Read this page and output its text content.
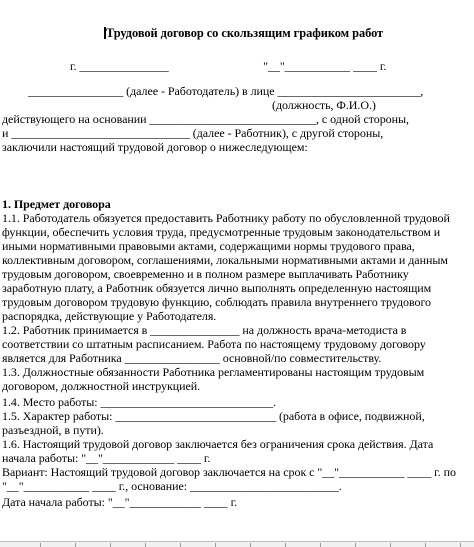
Трудовой договор со скользящим графиком работ
г. _______________                                "__"___________ ____ г.
________________ (далее - Работодатель) в лице ________________________,
(должность, Ф.И.О.)
действующего на основании ____________________________, с одной стороны,
и ______________________________ (далее - Работник), с другой стороны,
заключили настоящий трудовой договор о нижеследующем:
1. Предмет договора
1.1. Работодатель обязуется предоставить Работнику работу по обусловленной трудовой
функции, обеспечить условия труда, предусмотренные трудовым законодательством и
иными нормативными правовыми актами, содержащими нормы трудового права,
коллективным договором, соглашениями, локальными нормативными актами и данным
трудовым договором, своевременно и в полном размере выплачивать Работнику
заработную плату, а Работник обязуется лично выполнять определенную настоящим
трудовым договором трудовую функцию, соблюдать правила внутреннего трудового
распорядка, действующие у Работодателя.
1.2. Работник принимается в _______________ на должность врача-методиста в
соответствии со штатным расписанием. Работа по настоящему трудовому договору
является для Работника ________________ основной/по совместительству.
1.3. Должностные обязанности Работника регламентированы настоящим трудовым
договором, должностной инструкцией.
1.4. Место работы: _____________________________.
1.5. Характер работы: ___________________________ (работа в офисе, подвижной,
разъездной, в пути).
1.6. Настоящий трудовой договор заключается без ограничения срока действия. Дата
начала работы: "__"____________ ____ г.
Вариант: Настоящий трудовой договор заключается на срок с "__"___________ ____ г. по
"__"___________ ____ г., основание: _________________________.
Дата начала работы: "__"____________ ____ г.
